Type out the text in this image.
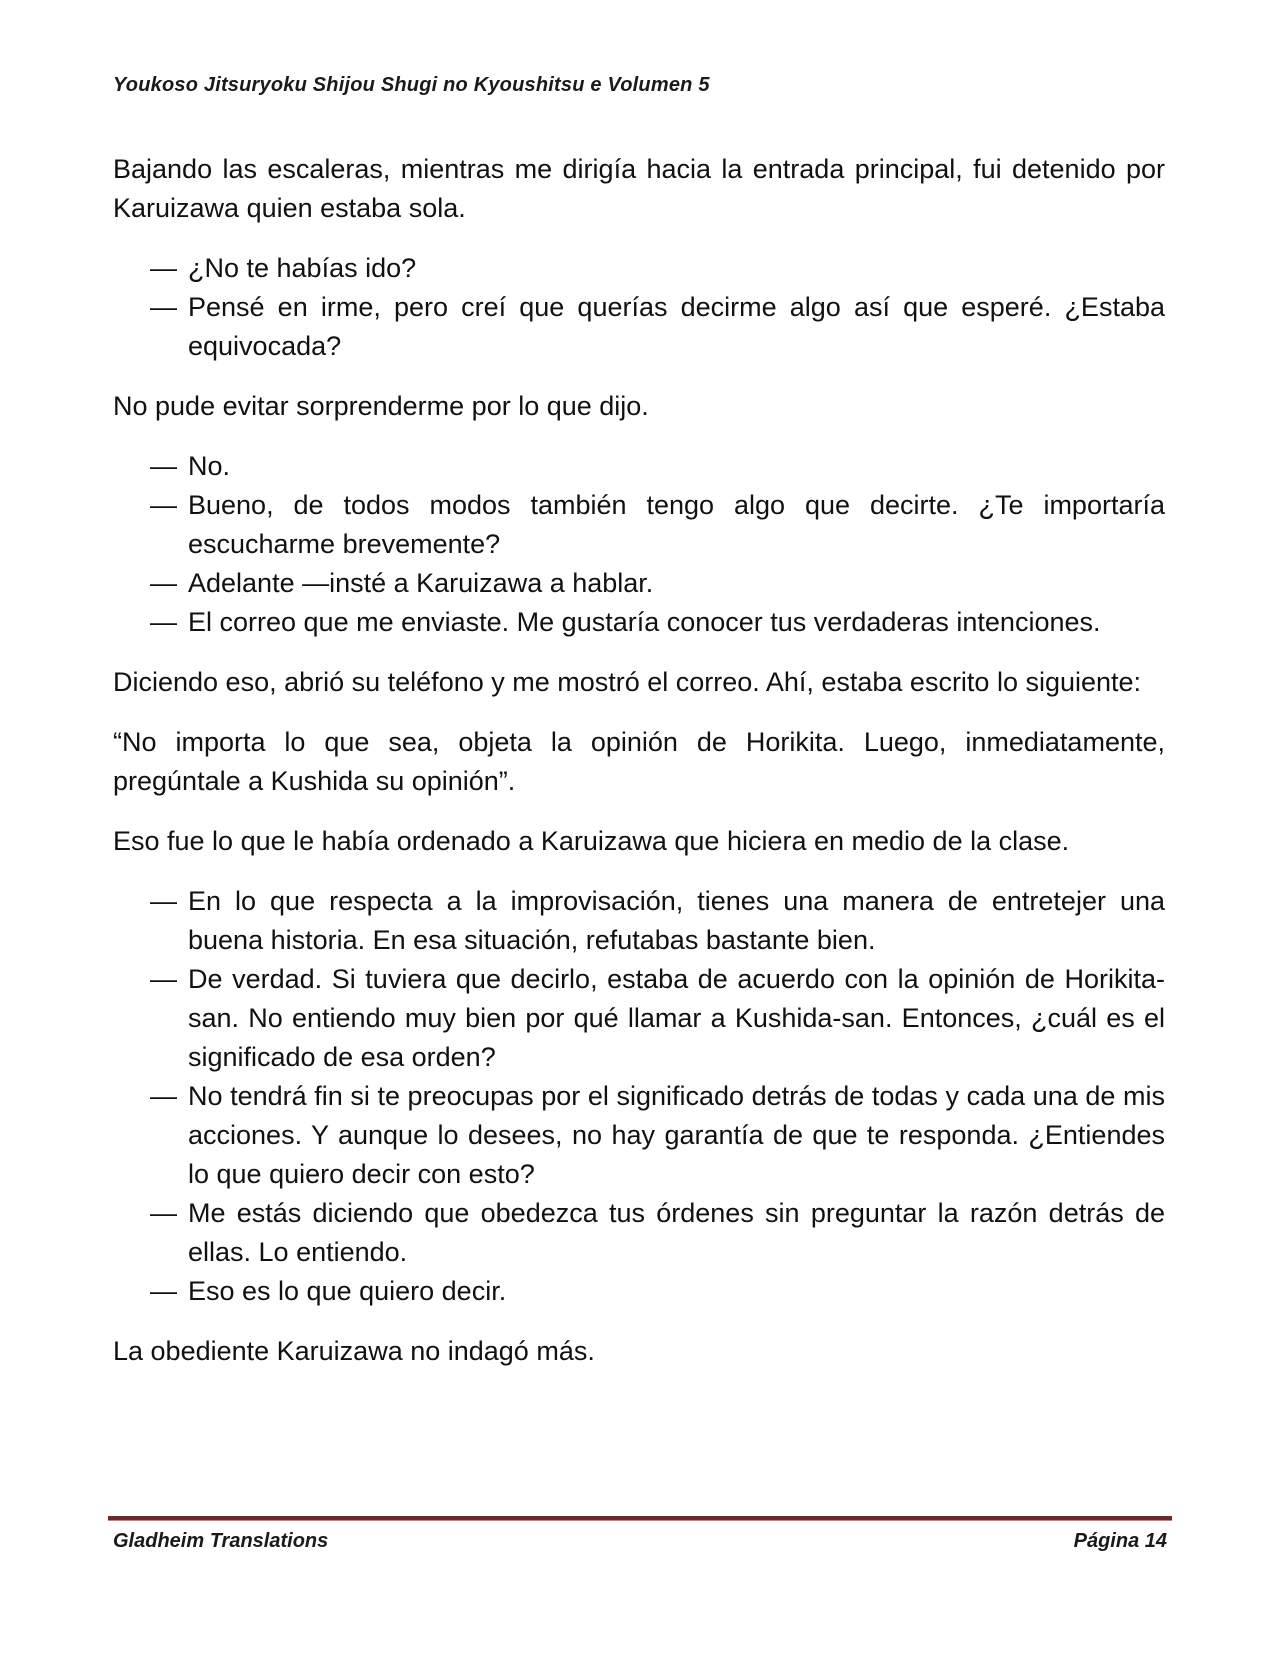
Youkoso Jitsuryoku Shijou Shugi no Kyoushitsu e Volumen 5

Bajando las escaleras, mientras me dirigía hacia la entrada principal, fui detenido por Karuizawa quien estaba sola.

— ¿No te habías ido?
— Pensé en irme, pero creí que querías decirme algo así que esperé. ¿Estaba equivocada?

No pude evitar sorprenderme por lo que dijo.

— No.
— Bueno, de todos modos también tengo algo que decirte. ¿Te importaría escucharme brevemente?
— Adelante —insté a Karuizawa a hablar.
— El correo que me enviaste. Me gustaría conocer tus verdaderas intenciones.

Diciendo eso, abrió su teléfono y me mostró el correo. Ahí, estaba escrito lo siguiente:

“No importa lo que sea, objeta la opinión de Horikita. Luego, inmediatamente, pregúntale a Kushida su opinión”.

Eso fue lo que le había ordenado a Karuizawa que hiciera en medio de la clase.

— En lo que respecta a la improvisación, tienes una manera de entretejer una buena historia. En esa situación, refutabas bastante bien.
— De verdad. Si tuviera que decirlo, estaba de acuerdo con la opinión de Horikita-san. No entiendo muy bien por qué llamar a Kushida-san. Entonces, ¿cuál es el significado de esa orden?
— No tendrá fin si te preocupas por el significado detrás de todas y cada una de mis acciones. Y aunque lo desees, no hay garantía de que te responda. ¿Entiendes lo que quiero decir con esto?
— Me estás diciendo que obedezca tus órdenes sin preguntar la razón detrás de ellas. Lo entiendo.
— Eso es lo que quiero decir.

La obediente Karuizawa no indagó más.

Gladheim Translations	Página 14
